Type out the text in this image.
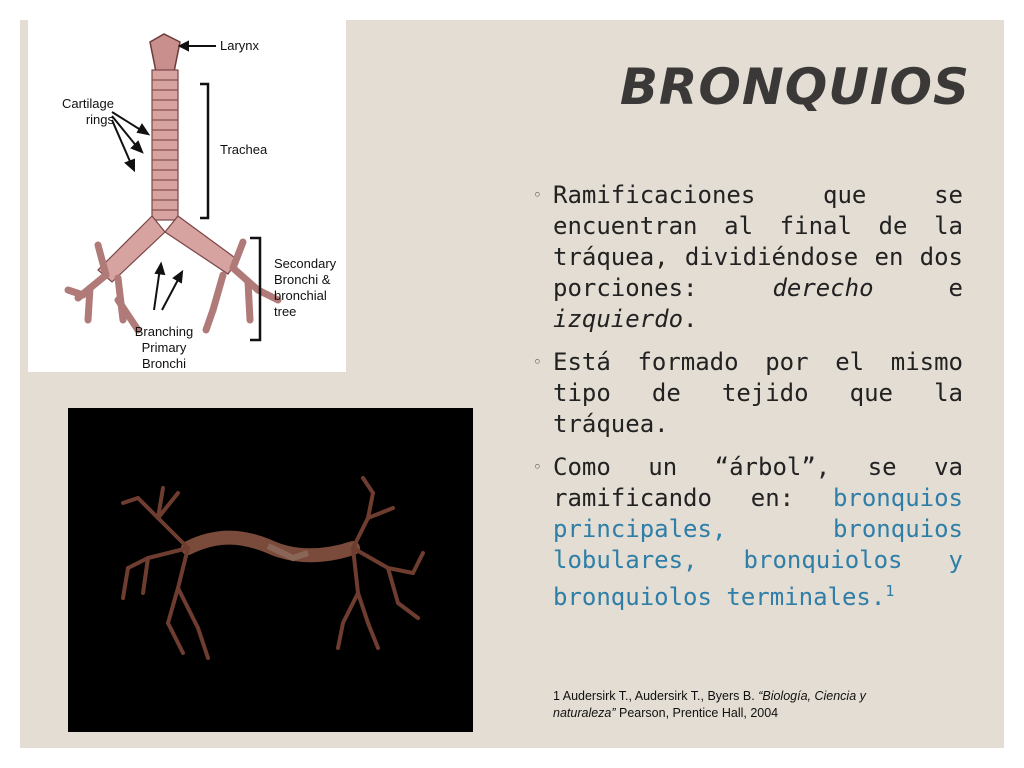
Larynx
Trachea
Cartilage rings
Secondary Bronchi & bronchial tree
Branching Primary Bronchi
BRONQUIOS
◦ Ramificaciones que se encuentran al final de la tráquea, dividiéndose en dos porciones: derecho e izquierdo.
◦ Está formado por el mismo tipo de tejido que la tráquea.
◦ Como un “árbol”, se va ramificando en: bronquios principales, bronquios lobulares, bronquiolos y bronquiolos terminales.$^1$
1 Audersirk T., Audersirk T., Byers B. “Biología, Ciencia y naturaleza” Pearson, Prentice Hall, 2004
